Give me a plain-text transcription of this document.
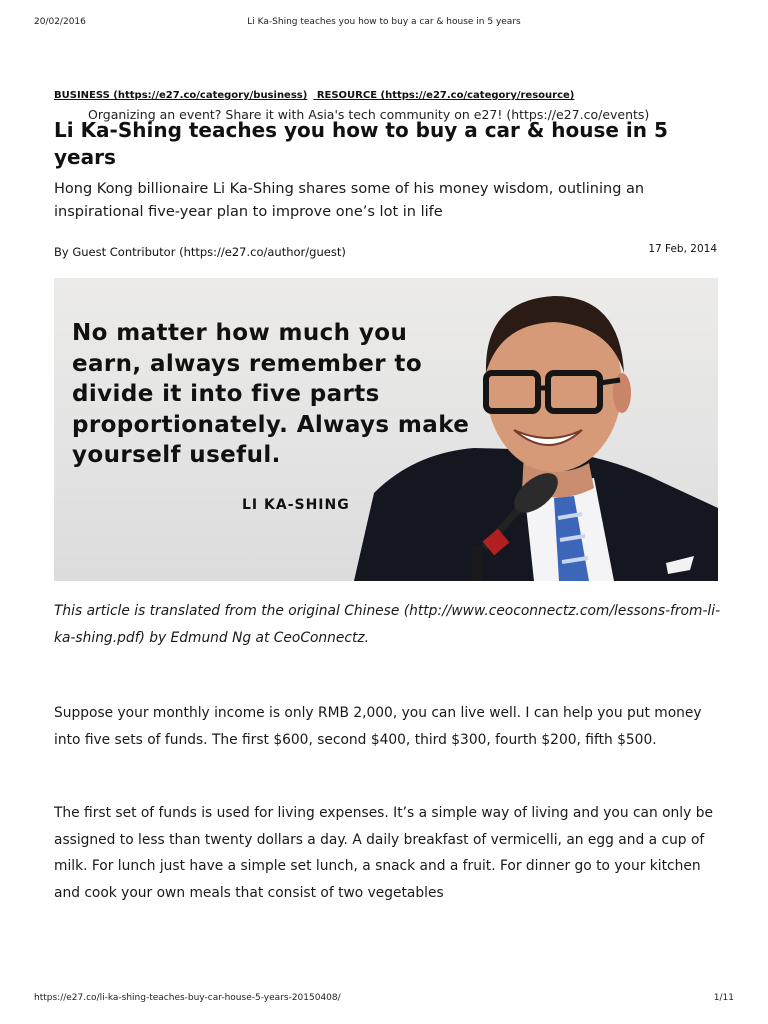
20/02/2016	Li Ka-Shing teaches you how to buy a car & house in 5 years
BUSINESS (https://e27.co/category/business) RESOURCE (https://e27.co/category/resource)
Organizing an event? Share it with Asia's tech community on e27! (https://e27.co/events)
Li Ka-Shing teaches you how to buy a car & house in 5 years

Hong Kong billionaire Li Ka-Shing shares some of his money wisdom, outlining an inspirational five-year plan to improve one’s lot in life

By Guest Contributor (https://e27.co/author/guest)	17 Feb, 2014
No matter how much you earn, always remember to divide it into five parts proportionately. Always make yourself useful.
LI KA-SHING

This article is translated from the original Chinese (http://www.ceoconnectz.com/lessons-from-li-ka-shing.pdf) by Edmund Ng at CeoConnectz.

Suppose your monthly income is only RMB 2,000, you can live well. I can help you put money into five sets of funds. The first $600, second $400, third $300, fourth $200, fifth $500.

The first set of funds is used for living expenses. It’s a simple way of living and you can only be assigned to less than twenty dollars a day. A daily breakfast of vermicelli, an egg and a cup of milk. For lunch just have a simple set lunch, a snack and a fruit. For dinner go to your kitchen and cook your own meals that consist of two vegetables

https://e27.co/li-ka-shing-teaches-buy-car-house-5-years-20150408/	1/11
